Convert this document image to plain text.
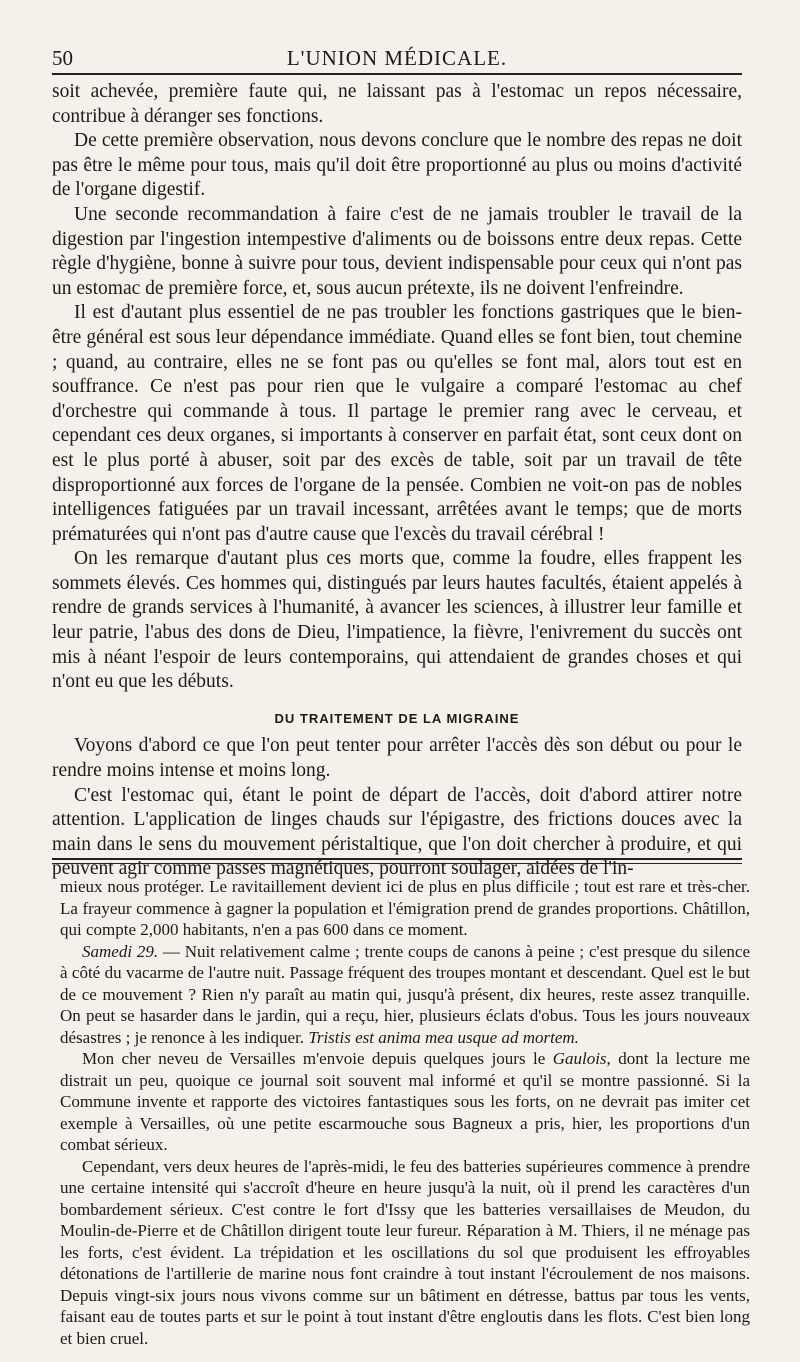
50	L'UNION MÉDICALE.

soit achevée, première faute qui, ne laissant pas à l'estomac un repos nécessaire, contribue à déranger ses fonctions.

De cette première observation, nous devons conclure que le nombre des repas ne doit pas être le même pour tous, mais qu'il doit être proportionné au plus ou moins d'activité de l'organe digestif.

Une seconde recommandation à faire c'est de ne jamais troubler le travail de la digestion par l'ingestion intempestive d'aliments ou de boissons entre deux repas. Cette règle d'hygiène, bonne à suivre pour tous, devient indispensable pour ceux qui n'ont pas un estomac de première force, et, sous aucun prétexte, ils ne doivent l'enfreindre.

Il est d'autant plus essentiel de ne pas troubler les fonctions gastriques que le bien-être général est sous leur dépendance immédiate. Quand elles se font bien, tout chemine ; quand, au contraire, elles ne se font pas ou qu'elles se font mal, alors tout est en souffrance. Ce n'est pas pour rien que le vulgaire a comparé l'estomac au chef d'orchestre qui commande à tous. Il partage le premier rang avec le cerveau, et cependant ces deux organes, si importants à conserver en parfait état, sont ceux dont on est le plus porté à abuser, soit par des excès de table, soit par un travail de tête disproportionné aux forces de l'organe de la pensée. Combien ne voit-on pas de nobles intelligences fatiguées par un travail incessant, arrêtées avant le temps; que de morts prématurées qui n'ont pas d'autre cause que l'excès du travail cérébral !

On les remarque d'autant plus ces morts que, comme la foudre, elles frappent les sommets élevés. Ces hommes qui, distingués par leurs hautes facultés, étaient appelés à rendre de grands services à l'humanité, à avancer les sciences, à illustrer leur famille et leur patrie, l'abus des dons de Dieu, l'impatience, la fièvre, l'enivrement du succès ont mis à néant l'espoir de leurs contemporains, qui attendaient de grandes choses et qui n'ont eu que les débuts.

DU TRAITEMENT DE LA MIGRAINE

Voyons d'abord ce que l'on peut tenter pour arrêter l'accès dès son début ou pour le rendre moins intense et moins long.

C'est l'estomac qui, étant le point de départ de l'accès, doit d'abord attirer notre attention. L'application de linges chauds sur l'épigastre, des frictions douces avec la main dans le sens du mouvement péristaltique, que l'on doit chercher à produire, et qui peuvent agir comme passes magnétiques, pourront soulager, aidées de l'in-

mieux nous protéger. Le ravitaillement devient ici de plus en plus difficile ; tout est rare et très-cher. La frayeur commence à gagner la population et l'émigration prend de grandes proportions. Châtillon, qui compte 2,000 habitants, n'en a pas 600 dans ce moment.

Samedi 29. — Nuit relativement calme ; trente coups de canons à peine ; c'est presque du silence à côté du vacarme de l'autre nuit. Passage fréquent des troupes montant et descendant. Quel est le but de ce mouvement ? Rien n'y paraît au matin qui, jusqu'à présent, dix heures, reste assez tranquille. On peut se hasarder dans le jardin, qui a reçu, hier, plusieurs éclats d'obus. Tous les jours nouveaux désastres ; je renonce à les indiquer. Tristis est anima mea usque ad mortem.

Mon cher neveu de Versailles m'envoie depuis quelques jours le Gaulois, dont la lecture me distrait un peu, quoique ce journal soit souvent mal informé et qu'il se montre passionné. Si la Commune invente et rapporte des victoires fantastiques sous les forts, on ne devrait pas imiter cet exemple à Versailles, où une petite escarmouche sous Bagneux a pris, hier, les proportions d'un combat sérieux.

Cependant, vers deux heures de l'après-midi, le feu des batteries supérieures commence à prendre une certaine intensité qui s'accroît d'heure en heure jusqu'à la nuit, où il prend les caractères d'un bombardement sérieux. C'est contre le fort d'Issy que les batteries versaillaises de Meudon, du Moulin-de-Pierre et de Châtillon dirigent toute leur fureur. Réparation à M. Thiers, il ne ménage pas les forts, c'est évident. La trépidation et les oscillations du sol que produisent les effroyables détonations de l'artillerie de marine nous font craindre à tout instant l'écroulement de nos maisons. Depuis vingt-six jours nous vivons comme sur un bâtiment en détresse, battus par tous les vents, faisant eau de toutes parts et sur le point à tout instant d'être engloutis dans les flots. C'est bien long et bien cruel.
